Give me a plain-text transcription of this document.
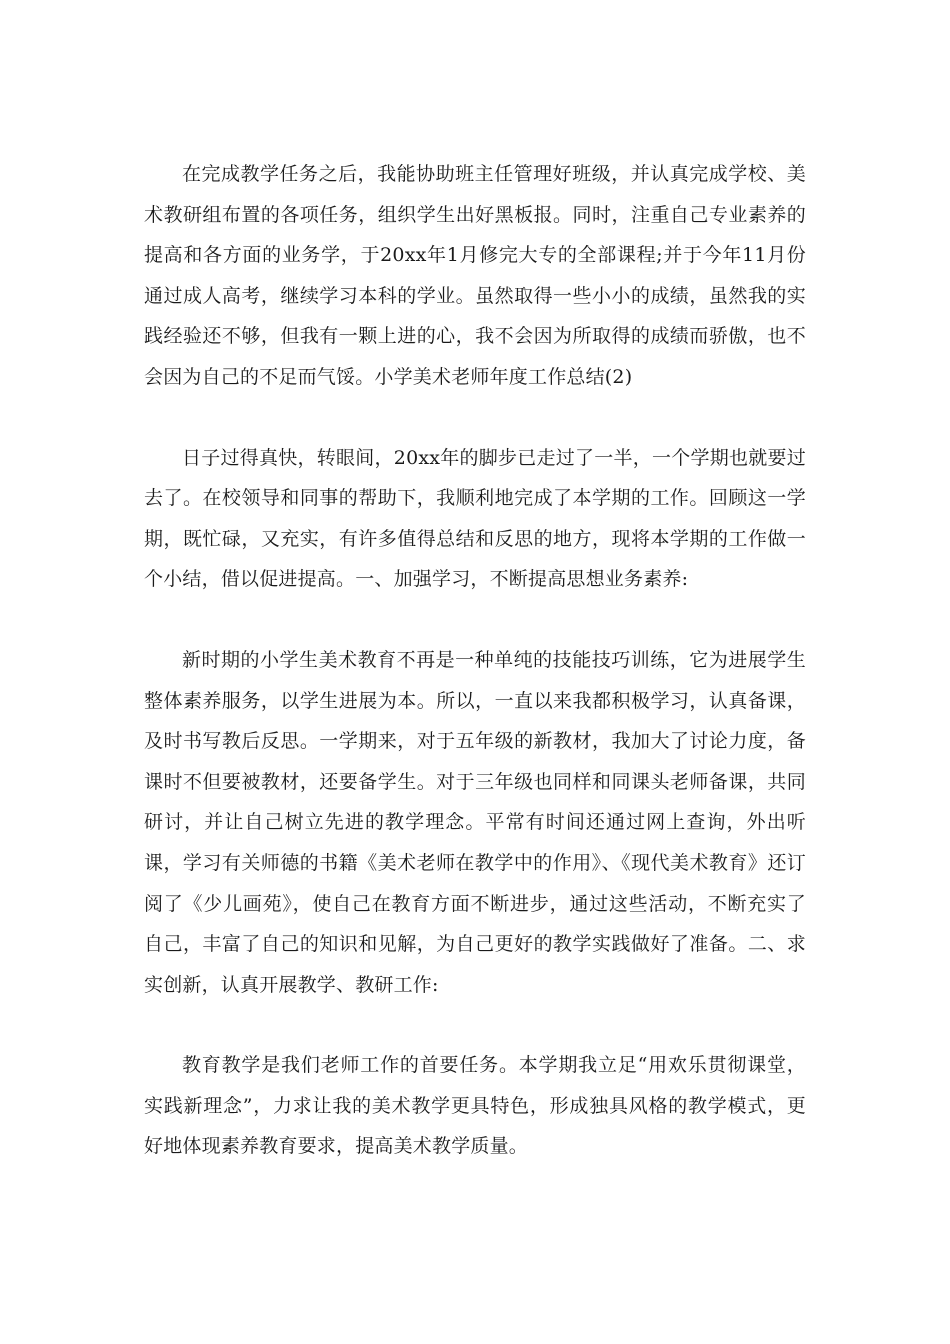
在完成教学任务之后，我能协助班主任管理好班级，并认真完成学校、美术教研组布置的各项任务，组织学生出好黑板报。同时，注重自己专业素养的提高和各方面的业务学，于20xx年1月修完大专的全部课程;并于今年11月份通过成人高考，继续学习本科的学业。虽然取得一些小小的成绩，虽然我的实践经验还不够，但我有一颗上进的心，我不会因为所取得的成绩而骄傲，也不会因为自己的不足而气馁。小学美术老师年度工作总结(2)

日子过得真快，转眼间，20xx年的脚步已走过了一半，一个学期也就要过去了。在校领导和同事的帮助下，我顺利地完成了本学期的工作。回顾这一学期，既忙碌，又充实，有许多值得总结和反思的地方，现将本学期的工作做一个小结，借以促进提高。一、加强学习，不断提高思想业务素养:

新时期的小学生美术教育不再是一种单纯的技能技巧训练，它为进展学生整体素养服务，以学生进展为本。所以，一直以来我都积极学习，认真备课，及时书写教后反思。一学期来，对于五年级的新教材，我加大了讨论力度，备课时不但要被教材，还要备学生。对于三年级也同样和同课头老师备课，共同研讨，并让自己树立先进的教学理念。平常有时间还通过网上查询，外出听课，学习有关师德的书籍《美术老师在教学中的作用》、《现代美术教育》还订阅了《少儿画苑》，使自己在教育方面不断进步，通过这些活动，不断充实了自己，丰富了自己的知识和见解，为自己更好的教学实践做好了准备。二、求实创新，认真开展教学、教研工作:

教育教学是我们老师工作的首要任务。本学期我立足“用欢乐贯彻课堂，实践新理念”，力求让我的美术教学更具特色，形成独具风格的教学模式，更好地体现素养教育要求，提高美术教学质量。
